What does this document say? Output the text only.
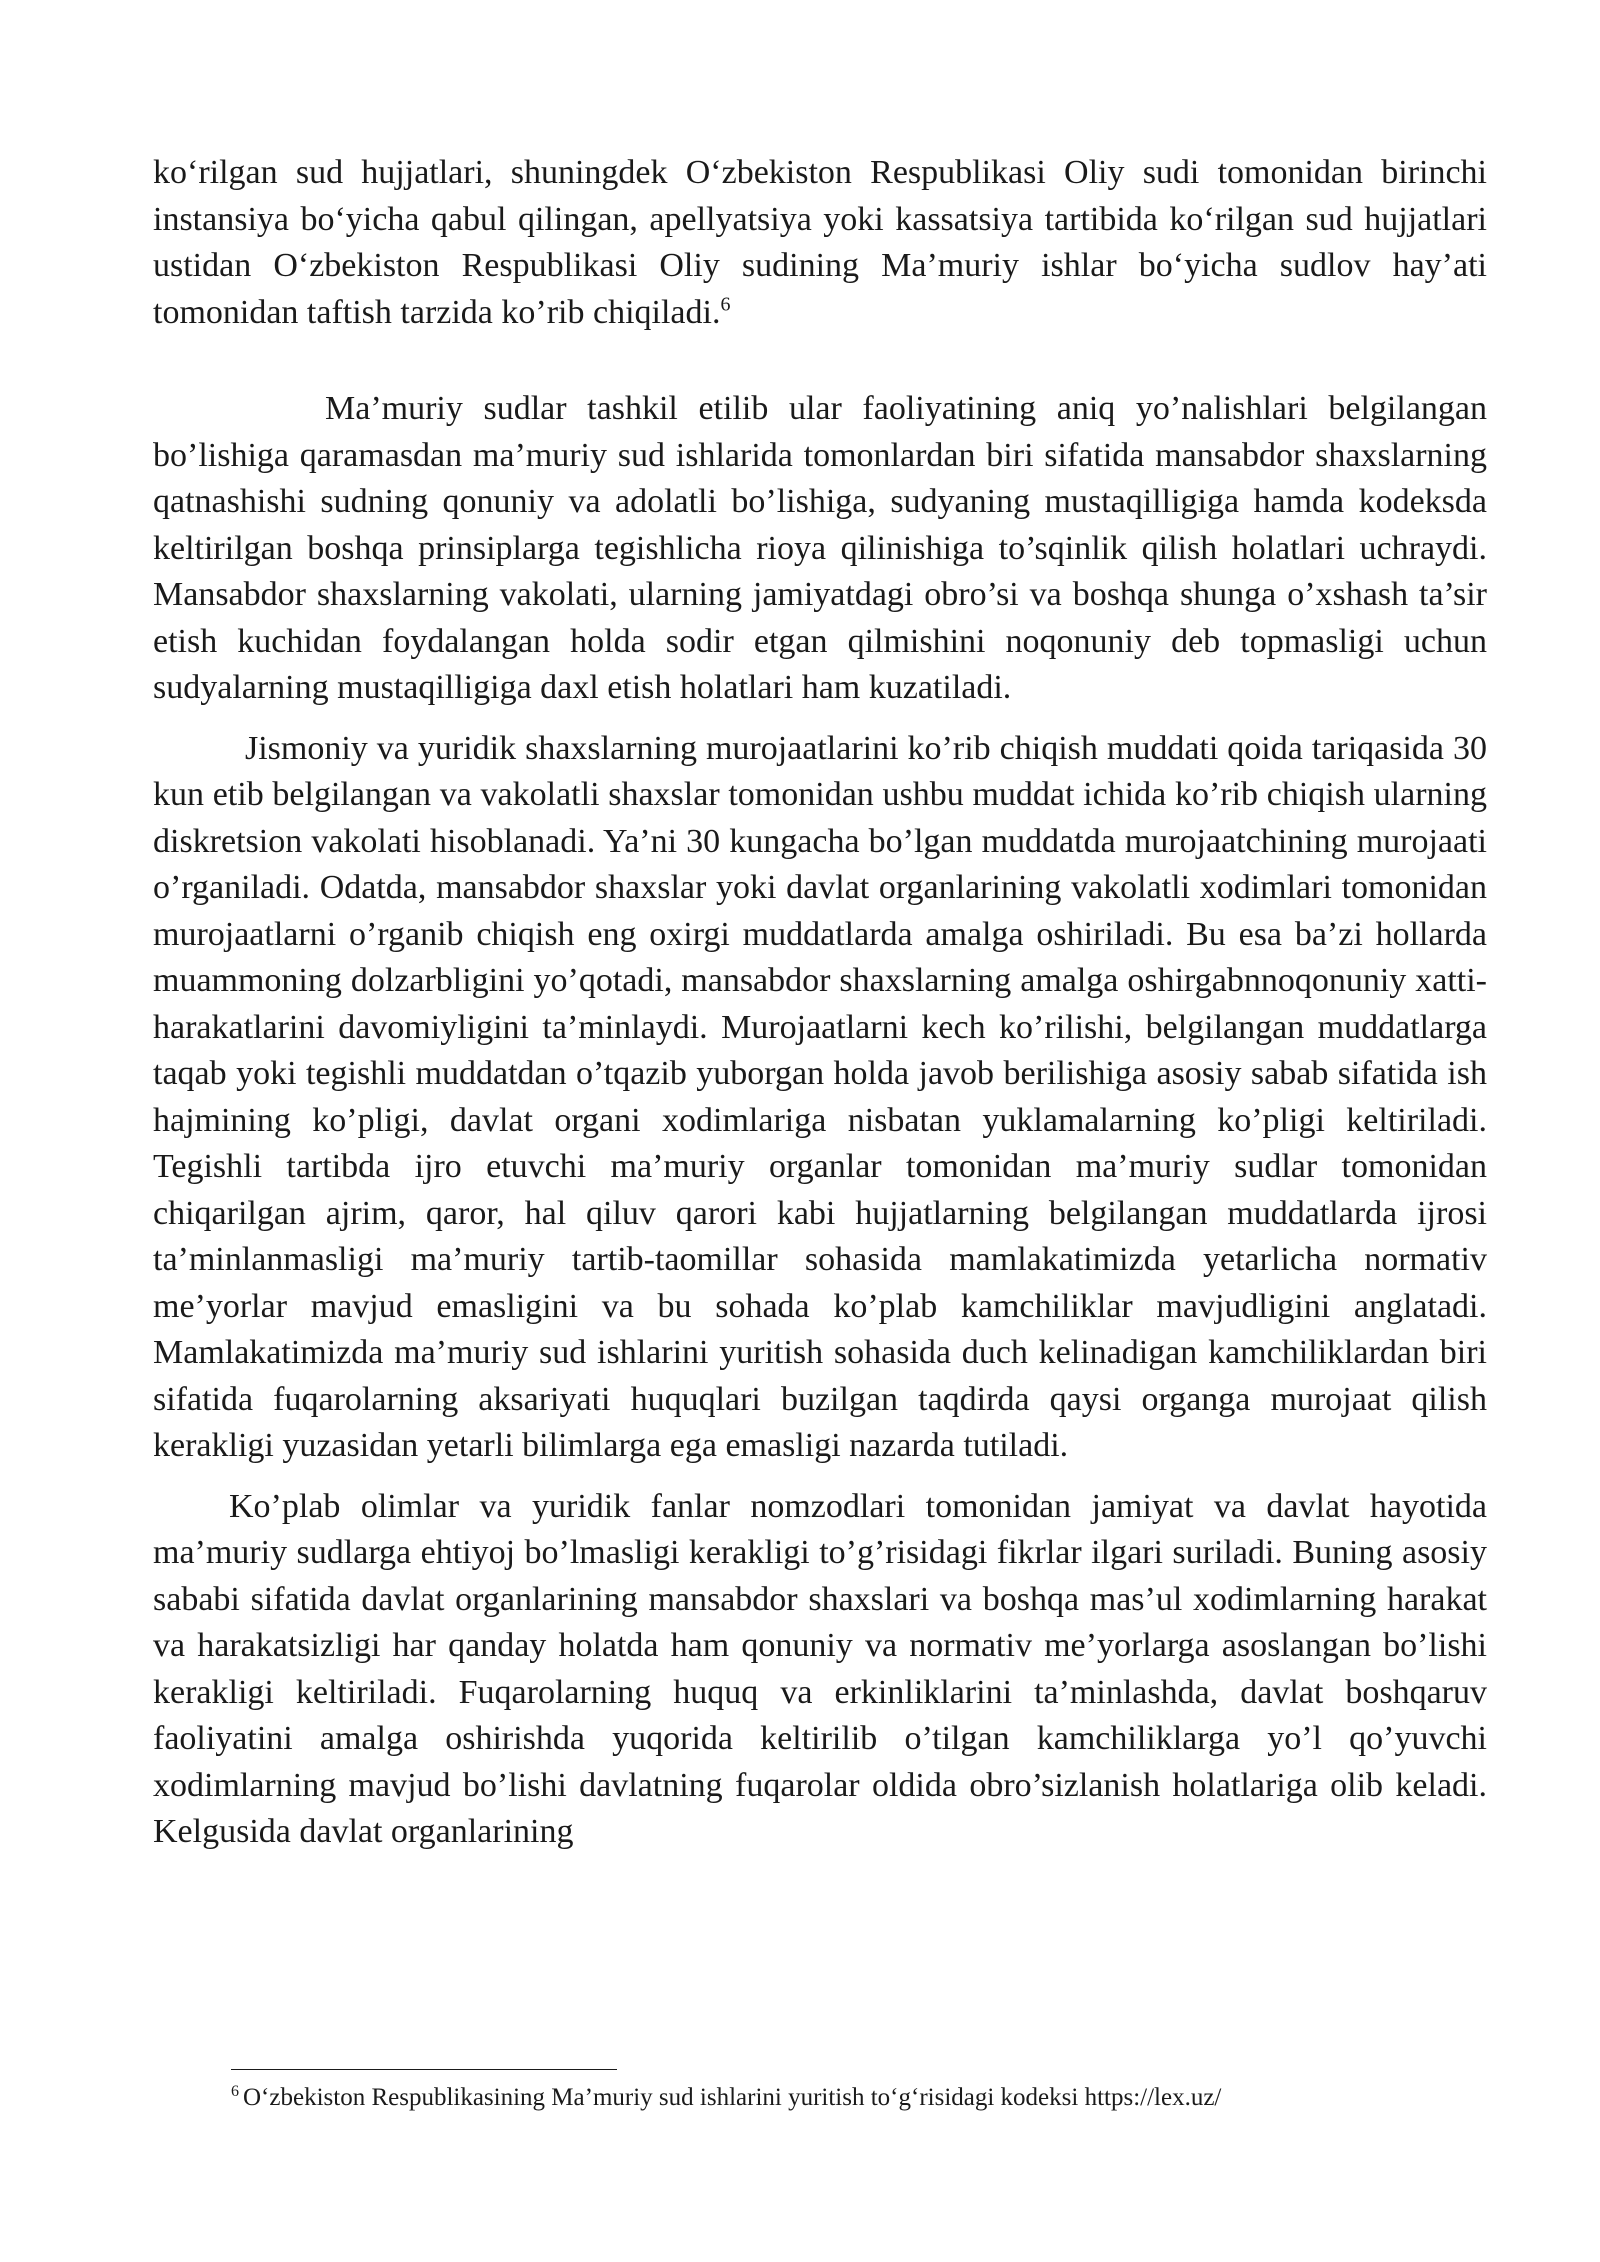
ko‘rilgan sud hujjatlari, shuningdek O‘zbekiston Respublikasi Oliy sudi tomonidan birinchi instansiya bo‘yicha qabul qilingan, apellyatsiya yoki kassatsiya tartibida ko‘rilgan sud hujjatlari ustidan O‘zbekiston Respublikasi Oliy sudining Ma’muriy ishlar bo‘yicha sudlov hay’ati tomonidan taftish tarzida ko’rib chiqiladi.$^6$

Ma’muriy sudlar tashkil etilib ular faoliyatining aniq yo’nalishlari belgilangan bo’lishiga qaramasdan ma’muriy sud ishlarida tomonlardan biri sifatida mansabdor shaxslarning qatnashishi sudning qonuniy va adolatli bo’lishiga, sudyaning mustaqilligiga hamda kodeksda keltirilgan boshqa prinsiplarga tegishlicha rioya qilinishiga to’sqinlik qilish holatlari uchraydi. Mansabdor shaxslarning vakolati, ularning jamiyatdagi obro’si va boshqa shunga o’xshash ta’sir etish kuchidan foydalangan holda sodir etgan qilmishini noqonuniy deb topmasligi uchun sudyalarning mustaqilligiga daxl etish holatlari ham kuzatiladi.

Jismoniy va yuridik shaxslarning murojaatlarini ko’rib chiqish muddati qoida tariqasida 30 kun etib belgilangan va vakolatli shaxslar tomonidan ushbu muddat ichida ko’rib chiqish ularning diskretsion vakolati hisoblanadi. Ya’ni 30 kungacha bo’lgan muddatda murojaatchining murojaati o’rganiladi. Odatda, mansabdor shaxslar yoki davlat organlarining vakolatli xodimlari tomonidan murojaatlarni o’rganib chiqish eng oxirgi muddatlarda amalga oshiriladi. Bu esa ba’zi hollarda muammoning dolzarbligini yo’qotadi, mansabdor shaxslarning amalga oshirgabnnoqonuniy xatti-harakatlarini davomiyligini ta’minlaydi. Murojaatlarni kech ko’rilishi, belgilangan muddatlarga taqab yoki tegishli muddatdan o’tqazib yuborgan holda javob berilishiga asosiy sabab sifatida ish hajmining ko’pligi, davlat organi xodimlariga nisbatan yuklamalarning ko’pligi keltiriladi. Tegishli tartibda ijro etuvchi ma’muriy organlar tomonidan ma’muriy sudlar tomonidan chiqarilgan ajrim, qaror, hal qiluv qarori kabi hujjatlarning belgilangan muddatlarda ijrosi ta’minlanmasligi ma’muriy tartib-taomillar sohasida mamlakatimizda yetarlicha normativ me’yorlar mavjud emasligini va bu sohada ko’plab kamchiliklar mavjudligini anglatadi. Mamlakatimizda ma’muriy sud ishlarini yuritish sohasida duch kelinadigan kamchiliklardan biri sifatida fuqarolarning aksariyati huquqlari buzilgan taqdirda qaysi organga murojaat qilish kerakligi yuzasidan yetarli bilimlarga ega emasligi nazarda tutiladi.

Ko’plab olimlar va yuridik fanlar nomzodlari tomonidan jamiyat va davlat hayotida ma’muriy sudlarga ehtiyoj bo’lmasligi kerakligi to’g’risidagi fikrlar ilgari suriladi. Buning asosiy sababi sifatida davlat organlarining mansabdor shaxslari va boshqa mas’ul xodimlarning harakat va harakatsizligi har qanday holatda ham qonuniy va normativ me’yorlarga asoslangan bo’lishi kerakligi keltiriladi. Fuqarolarning huquq va erkinliklarini ta’minlashda, davlat boshqaruv faoliyatini amalga oshirishda yuqorida keltirilib o’tilgan kamchiliklarga yo’l qo’yuvchi xodimlarning mavjud bo’lishi davlatning fuqarolar oldida obro’sizlanish holatlariga olib keladi. Kelgusida davlat organlarining

$^6$ O‘zbekiston Respublikasining Ma’muriy sud ishlarini yuritish to‘g‘risidagi kodeksi https://lex.uz/
